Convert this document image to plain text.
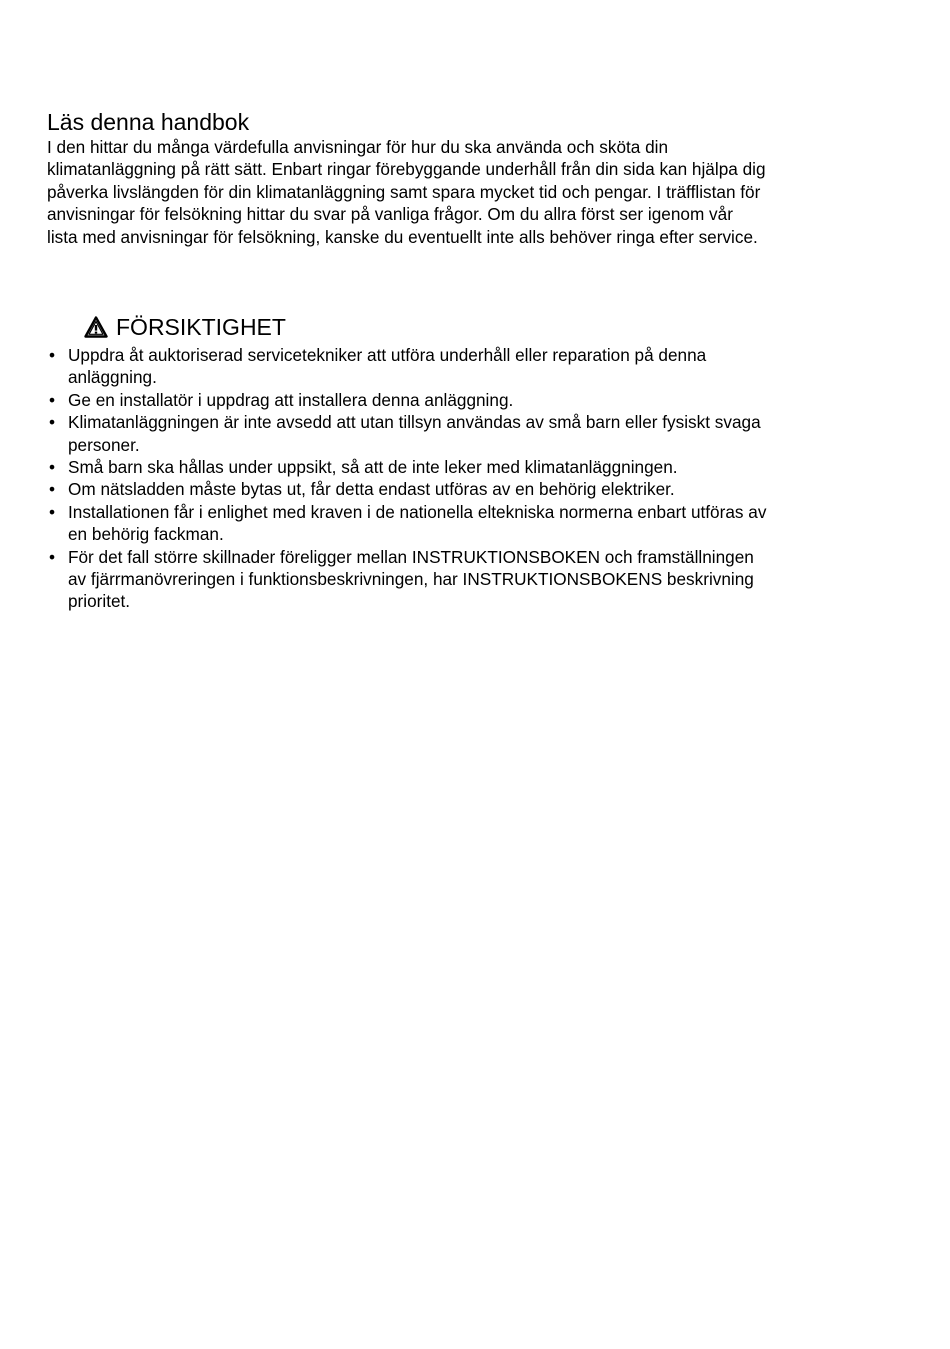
Läs denna handbok

I den hittar du många värdefulla anvisningar för hur du ska använda och sköta din
klimatanläggning på rätt sätt. Enbart ringar förebyggande underhåll från din sida kan hjälpa dig
påverka livslängden för din klimatanläggning samt spara mycket tid och pengar. I träfflistan för
anvisningar för felsökning hittar du svar på vanliga frågor. Om du allra först ser igenom vår
lista med anvisningar för felsökning, kanske du eventuellt inte alls behöver ringa efter service.

FÖRSIKTIGHET
• Uppdra åt auktoriserad servicetekniker att utföra underhåll eller reparation på denna
anläggning.
• Ge en installatör i uppdrag att installera denna anläggning.
• Klimatanläggningen är inte avsedd att utan tillsyn användas av små barn eller fysiskt svaga
personer.
• Små barn ska hållas under uppsikt, så att de inte leker med klimatanläggningen.
• Om nätsladden måste bytas ut, får detta endast utföras av en behörig elektriker.
• Installationen får i enlighet med kraven i de nationella eltekniska normerna enbart utföras av
en behörig fackman.
• För det fall större skillnader föreligger mellan INSTRUKTIONSBOKEN och framställningen
av fjärrmanövreringen i funktionsbeskrivningen, har INSTRUKTIONSBOKENS beskrivning
prioritet.
